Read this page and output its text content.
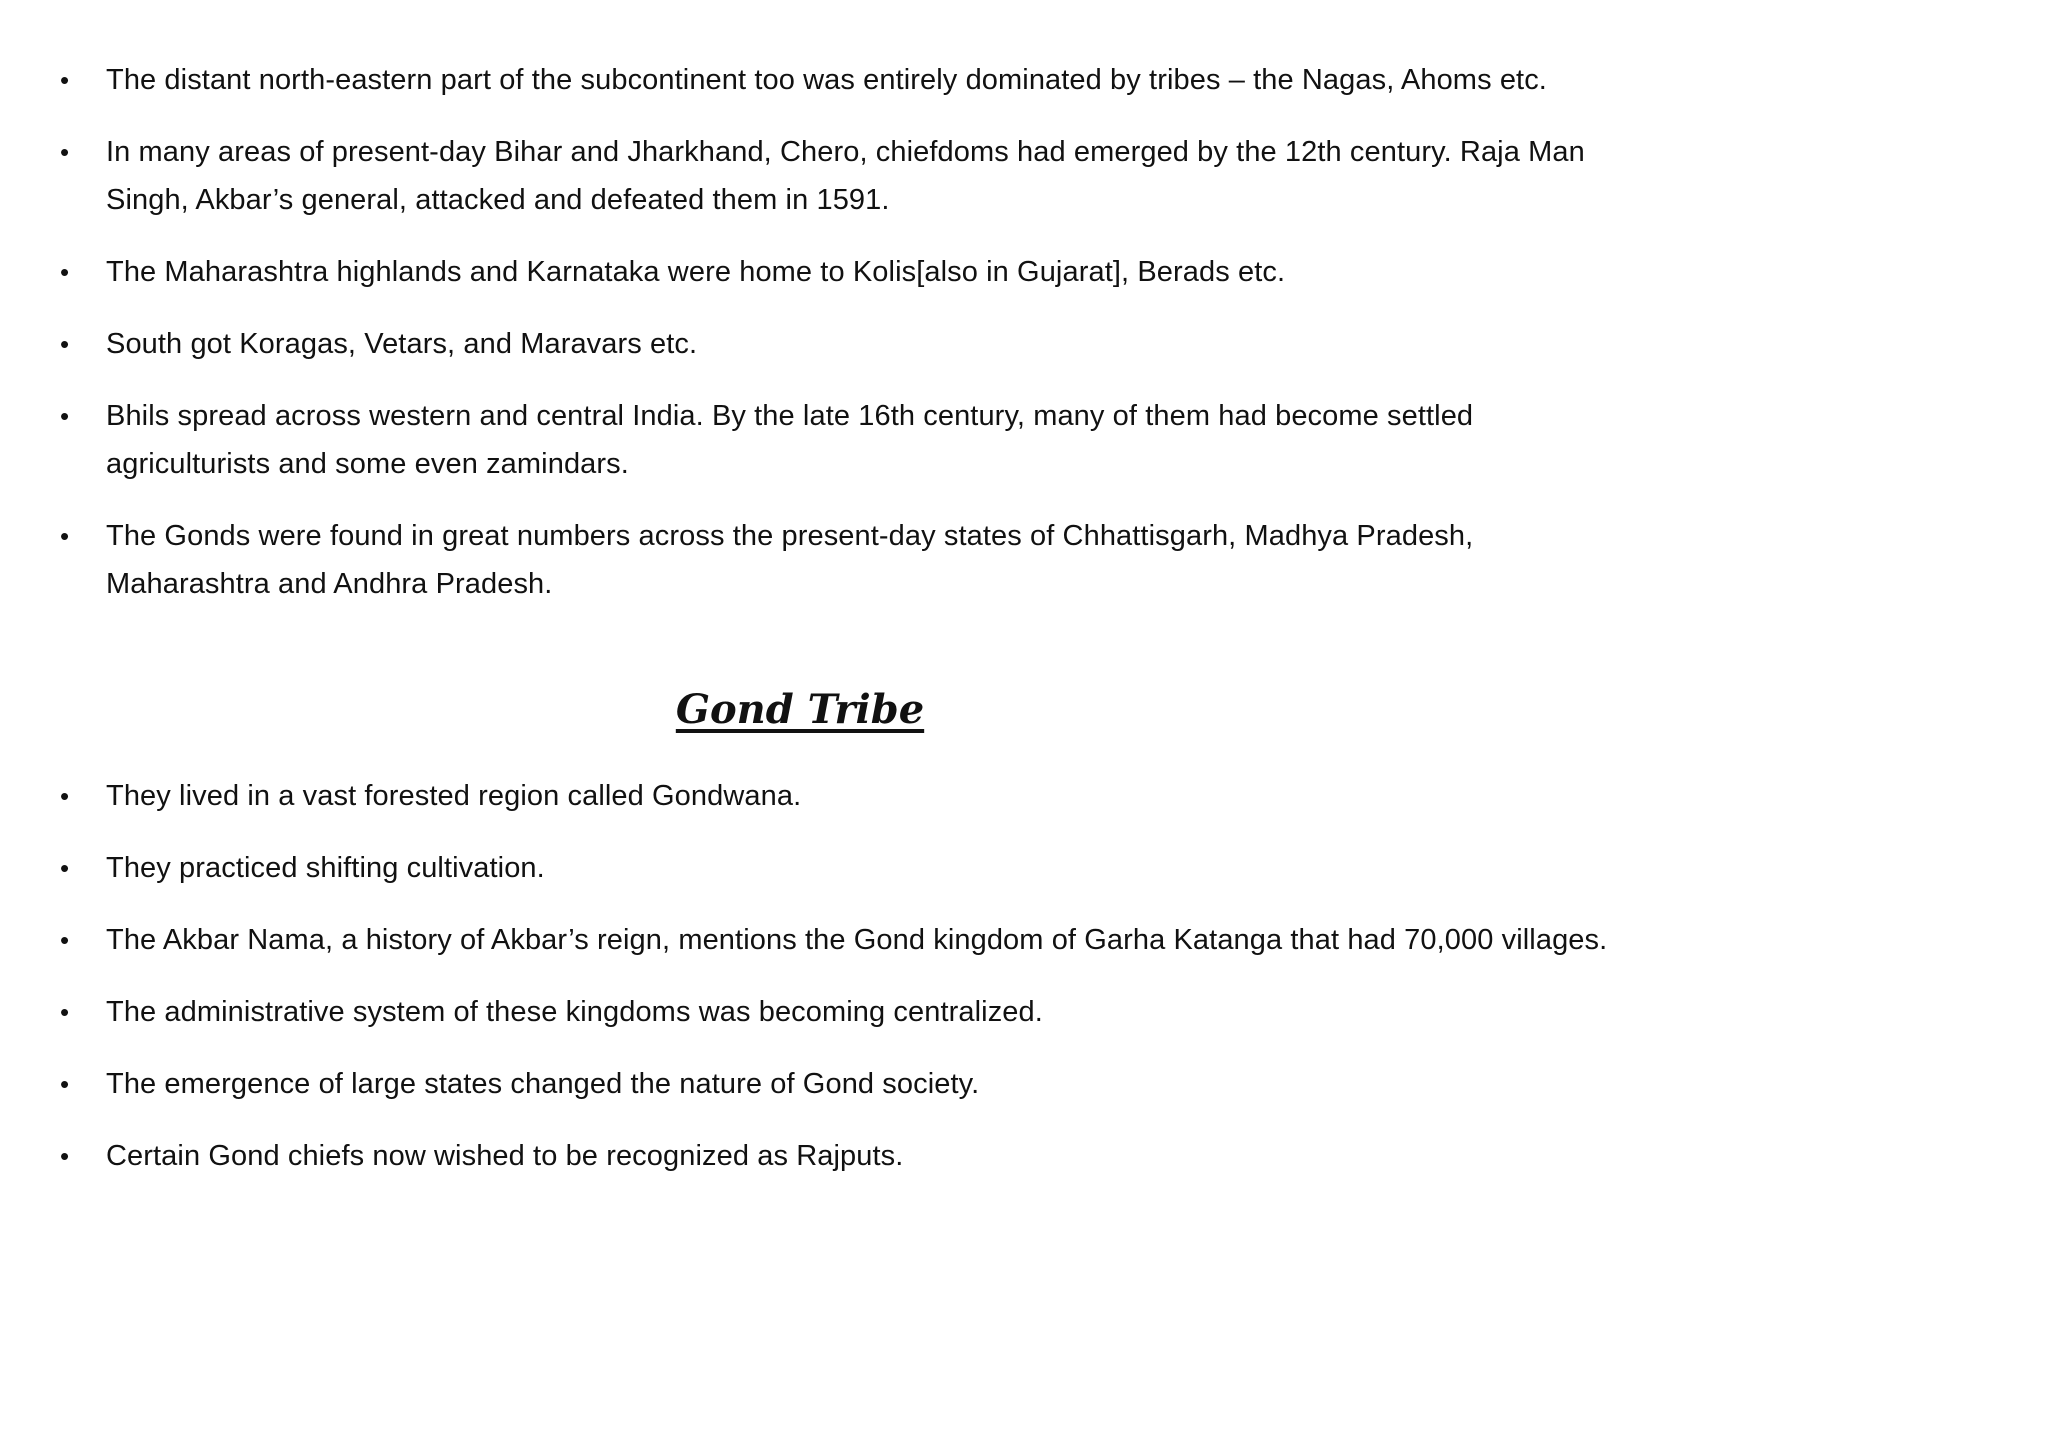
• The distant north-eastern part of the subcontinent too was entirely dominated by tribes – the Nagas, Ahoms etc.
• In many areas of present-day Bihar and Jharkhand, Chero, chiefdoms had emerged by the 12th century. Raja Man Singh, Akbar’s general, attacked and defeated them in 1591.
• The Maharashtra highlands and Karnataka were home to Kolis[also in Gujarat], Berads etc.
• South got Koragas, Vetars, and Maravars etc.
• Bhils spread across western and central India. By the late 16th century, many of them had become settled agriculturists and some even zamindars.
• The Gonds were found in great numbers across the present-day states of Chhattisgarh, Madhya Pradesh, Maharashtra and Andhra Pradesh.
Gond Tribe
• They lived in a vast forested region called Gondwana.
• They practiced shifting cultivation.
• The Akbar Nama, a history of Akbar’s reign, mentions the Gond kingdom of Garha Katanga that had 70,000 villages.
• The administrative system of these kingdoms was becoming centralized.
• The emergence of large states changed the nature of Gond society.
• Certain Gond chiefs now wished to be recognized as Rajputs.
